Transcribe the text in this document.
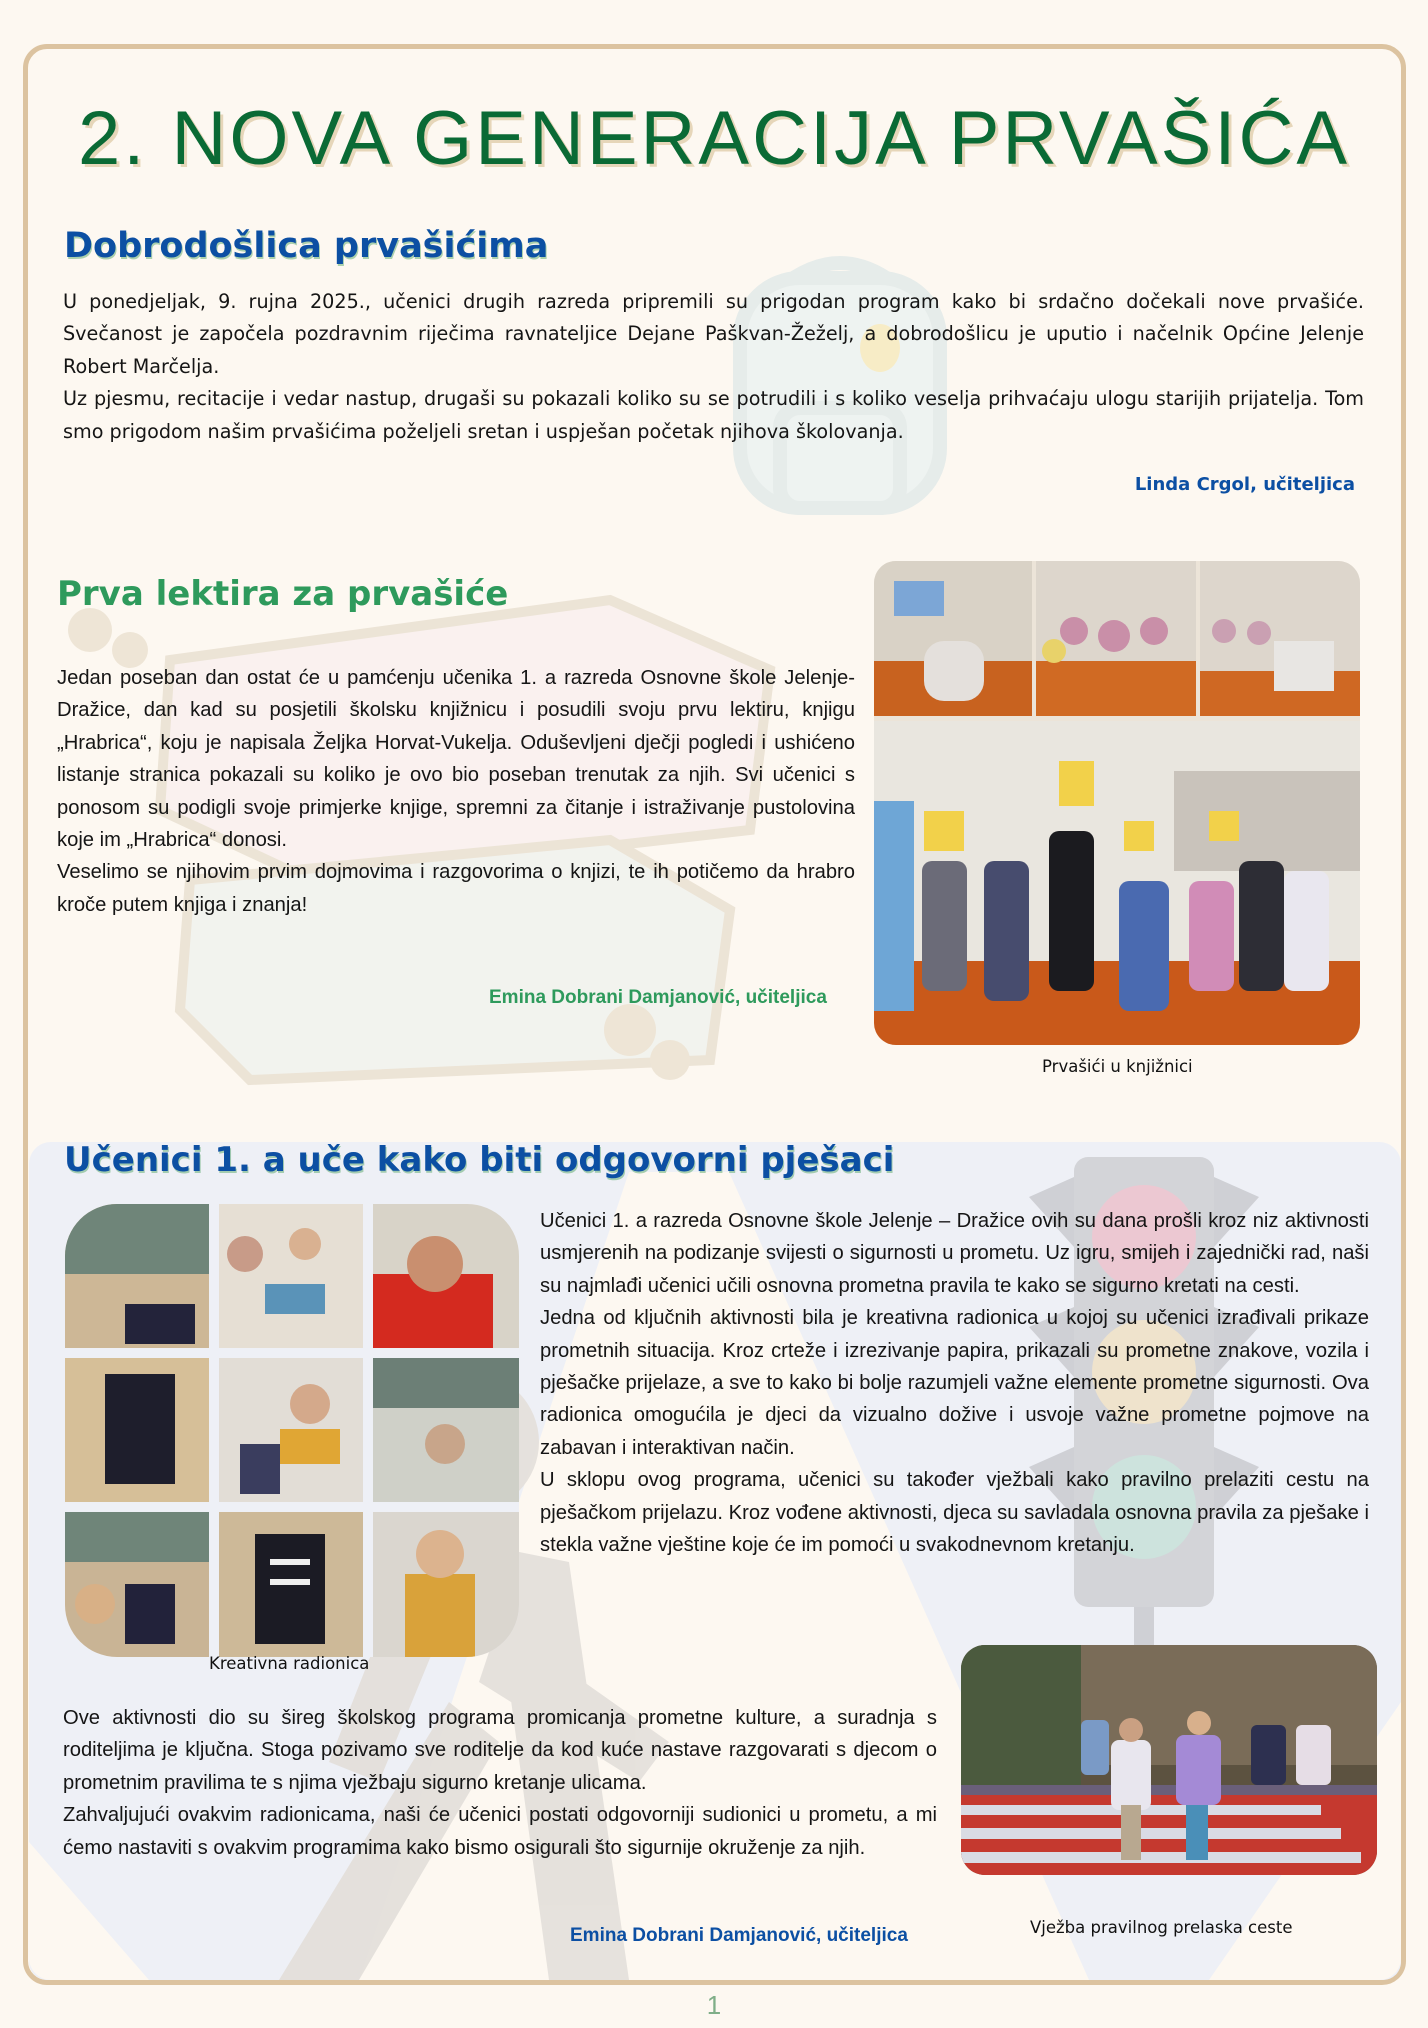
2. NOVA GENERACIJA PRVAŠIĆA
Dobrodošlica prvašićima

U ponedjeljak, 9. rujna 2025., učenici drugih razreda pripremili su prigodan program kako bi srdačno dočekali nove prvašiće. Svečanost je započela pozdravnim riječima ravnateljice Dejane Paškvan-Žeželj, a dobrodošlicu je uputio i načelnik Općine Jelenje Robert Marčelja.

Uz pjesmu, recitacije i vedar nastup, drugaši su pokazali koliko su se potrudili i s koliko veselja prihvaćaju ulogu starijih prijatelja. Tom smo prigodom našim prvašićima poželjeli sretan i uspješan početak njihova školovanja.

Linda Crgol, učiteljica
Prva lektira za prvašiće

Jedan poseban dan ostat će u pamćenju učenika 1. a razreda Osnovne škole Jelenje-Dražice, dan kad su posjetili školsku knjižnicu i posudili svoju prvu lektiru, knjigu „Hrabrica“, koju je napisala Željka Horvat-Vukelja. Oduševljeni dječji pogledi i ushićeno listanje stranica pokazali su koliko je ovo bio poseban trenutak za njih. Svi učenici s ponosom su podigli svoje primjerke knjige, spremni za čitanje i istraživanje pustolovina koje im „Hrabrica“ donosi.

Veselimo se njihovim prvim dojmovima i razgovorima o knjizi, te ih potičemo da hrabro kroče putem knjiga i znanja!

Emina Dobrani Damjanović, učiteljica
Prvašići u knjižnici
Učenici 1. a uče kako biti odgovorni pješaci
Kreativna radionica

Učenici 1. a razreda Osnovne škole Jelenje – Dražice ovih su dana prošli kroz niz aktivnosti usmjerenih na podizanje svijesti o sigurnosti u prometu. Uz igru, smijeh i zajednički rad, naši su najmlađi učenici učili osnovna prometna pravila te kako se sigurno kretati na cesti.

Jedna od ključnih aktivnosti bila je kreativna radionica u kojoj su učenici izrađivali prikaze prometnih situacija. Kroz crteže i izrezivanje papira, prikazali su prometne znakove, vozila i pješačke prijelaze, a sve to kako bi bolje razumjeli važne elemente prometne sigurnosti. Ova radionica omogućila je djeci da vizualno dožive i usvoje važne prometne pojmove na zabavan i interaktivan način.

U sklopu ovog programa, učenici su također vježbali kako pravilno prelaziti cestu na pješačkom prijelazu. Kroz vođene aktivnosti, djeca su savladala osnovna pravila za pješake i stekla važne vještine koje će im pomoći u svakodnevnom kretanju.

Vježba pravilnog prelaska ceste

Ove aktivnosti dio su šireg školskog programa promicanja prometne kulture, a suradnja s roditeljima je ključna. Stoga pozivamo sve roditelje da kod kuće nastave razgovarati s djecom o prometnim pravilima te s njima vježbaju sigurno kretanje ulicama.

Zahvaljujući ovakvim radionicama, naši će učenici postati odgovorniji sudionici u prometu, a mi ćemo nastaviti s ovakvim programima kako bismo osigurali što sigurnije okruženje za njih.

Emina Dobrani Damjanović, učiteljica
1
